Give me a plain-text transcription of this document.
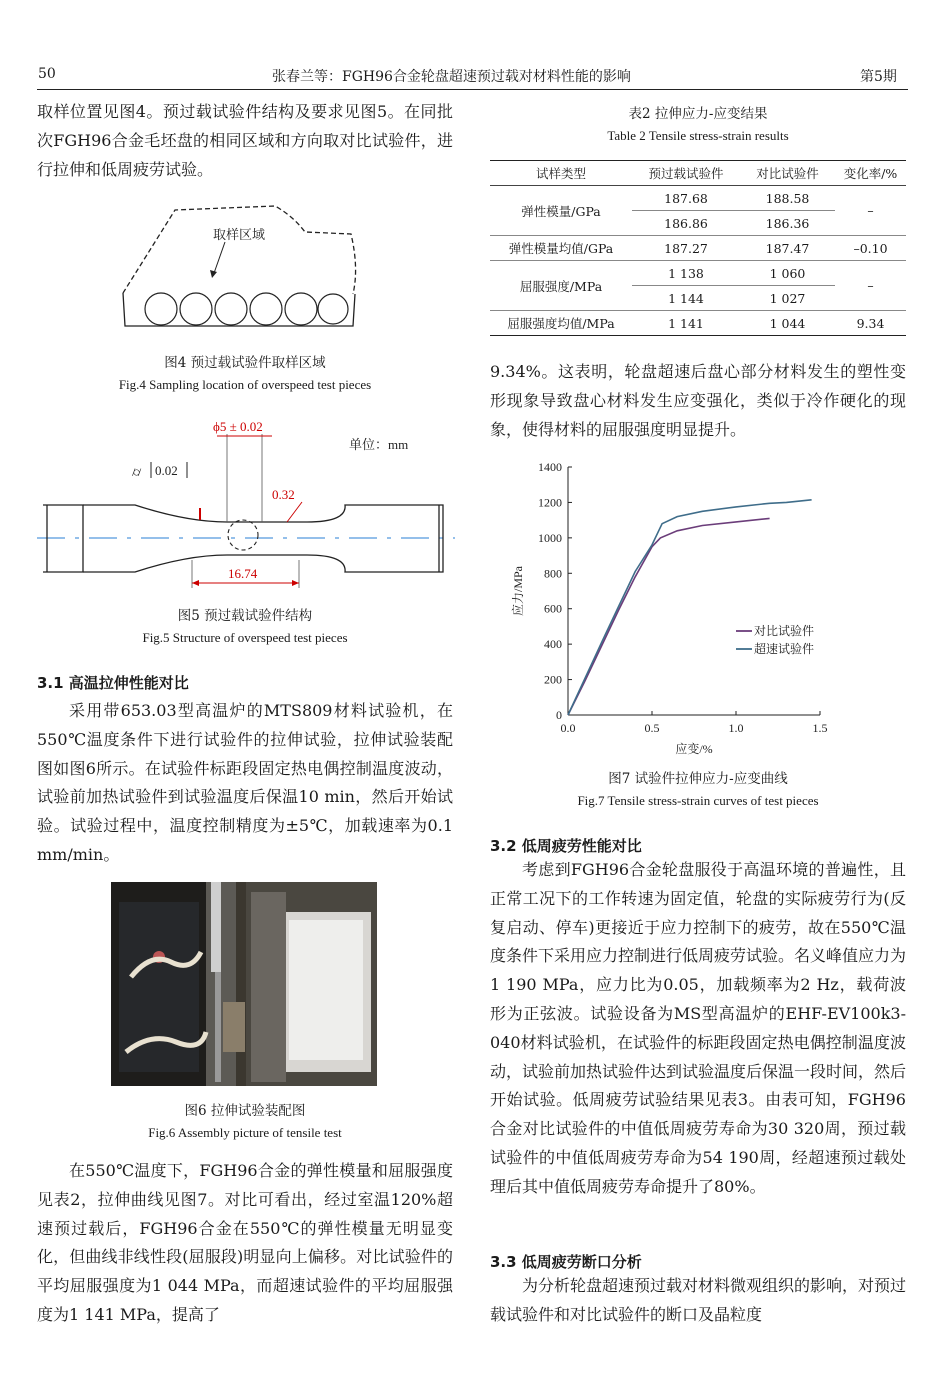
50	张春兰等：FGH96合金轮盘超速预过载对材料性能的影响	第5期

取样位置见图4。预过载试验件结构及要求见图5。在同批次FGH96合金毛坯盘的相同区域和方向取对比试验件，进行拉伸和低周疲劳试验。

取样区域
图4 预过载试验件取样区域
Fig.4 Sampling location of overspeed test pieces
ϕ5 ± 0.02
0.32
16.74
⌭ 0.02
单位：mm
图5 预过载试验件结构
Fig.5 Structure of overspeed test pieces
3.1 高温拉伸性能对比

采用带653.03型高温炉的MTS809材料试验机，在550℃温度条件下进行试验件的拉伸试验，拉伸试验装配图如图6所示。在试验件标距段固定热电偶控制温度波动，试验前加热试验件到试验温度后保温10 min，然后开始试验。试验过程中，温度控制精度为±5℃，加载速率为0.1 mm/min。

图6 拉伸试验装配图
Fig.6 Assembly picture of tensile test

在550℃温度下，FGH96合金的弹性模量和屈服强度见表2，拉伸曲线见图7。对比可看出，经过室温120%超速预过载后，FGH96合金在550℃的弹性模量无明显变化，但曲线非线性段(屈服段)明显向上偏移。对比试验件的平均屈服强度为1 044 MPa，而超速试验件的平均屈服强度为1 141 MPa，提高了

表2 拉伸应力-应变结果
Table 2 Tensile stress-strain results
试样类型	预过载试验件	对比试验件	变化率/%
弹性模量/GPa	187.68	188.58	–
	186.86	186.36	
弹性模量均值/GPa	187.27	187.47	–0.10
屈服强度/MPa	1 138	1 060	–
	1 144	1 027	
屈服强度均值/MPa	1 141	1 044	9.34

9.34%。这表明，轮盘超速后盘心部分材料发生的塑性变形现象导致盘心材料发生应变强化，类似于冷作硬化的现象，使得材料的屈服强度明显提升。

0
200
400
600
800
1000
1200
1400
0.0	0.5	1.0	1.5
应变/%
应力/MPa
对比试验件
超速试验件
图7 试验件拉伸应力-应变曲线
Fig.7 Tensile stress-strain curves of test pieces
3.2 低周疲劳性能对比

考虑到FGH96合金轮盘服役于高温环境的普遍性，且正常工况下的工作转速为固定值，轮盘的实际疲劳行为(反复启动、停车)更接近于应力控制下的疲劳，故在550℃温度条件下采用应力控制进行低周疲劳试验。名义峰值应力为1 190 MPa，应力比为0.05，加载频率为2 Hz，载荷波形为正弦波。试验设备为MS型高温炉的EHF-EV100k3-040材料试验机，在试验件的标距段固定热电偶控制温度波动，试验前加热试验件达到试验温度后保温一段时间，然后开始试验。低周疲劳试验结果见表3。由表可知，FGH96合金对比试验件的中值低周疲劳寿命为30 320周，预过载试验件的中值低周疲劳寿命为54 190周，经超速预过载处理后其中值低周疲劳寿命提升了80%。

3.3 低周疲劳断口分析

为分析轮盘超速预过载对材料微观组织的影响，对预过载试验件和对比试验件的断口及晶粒度
